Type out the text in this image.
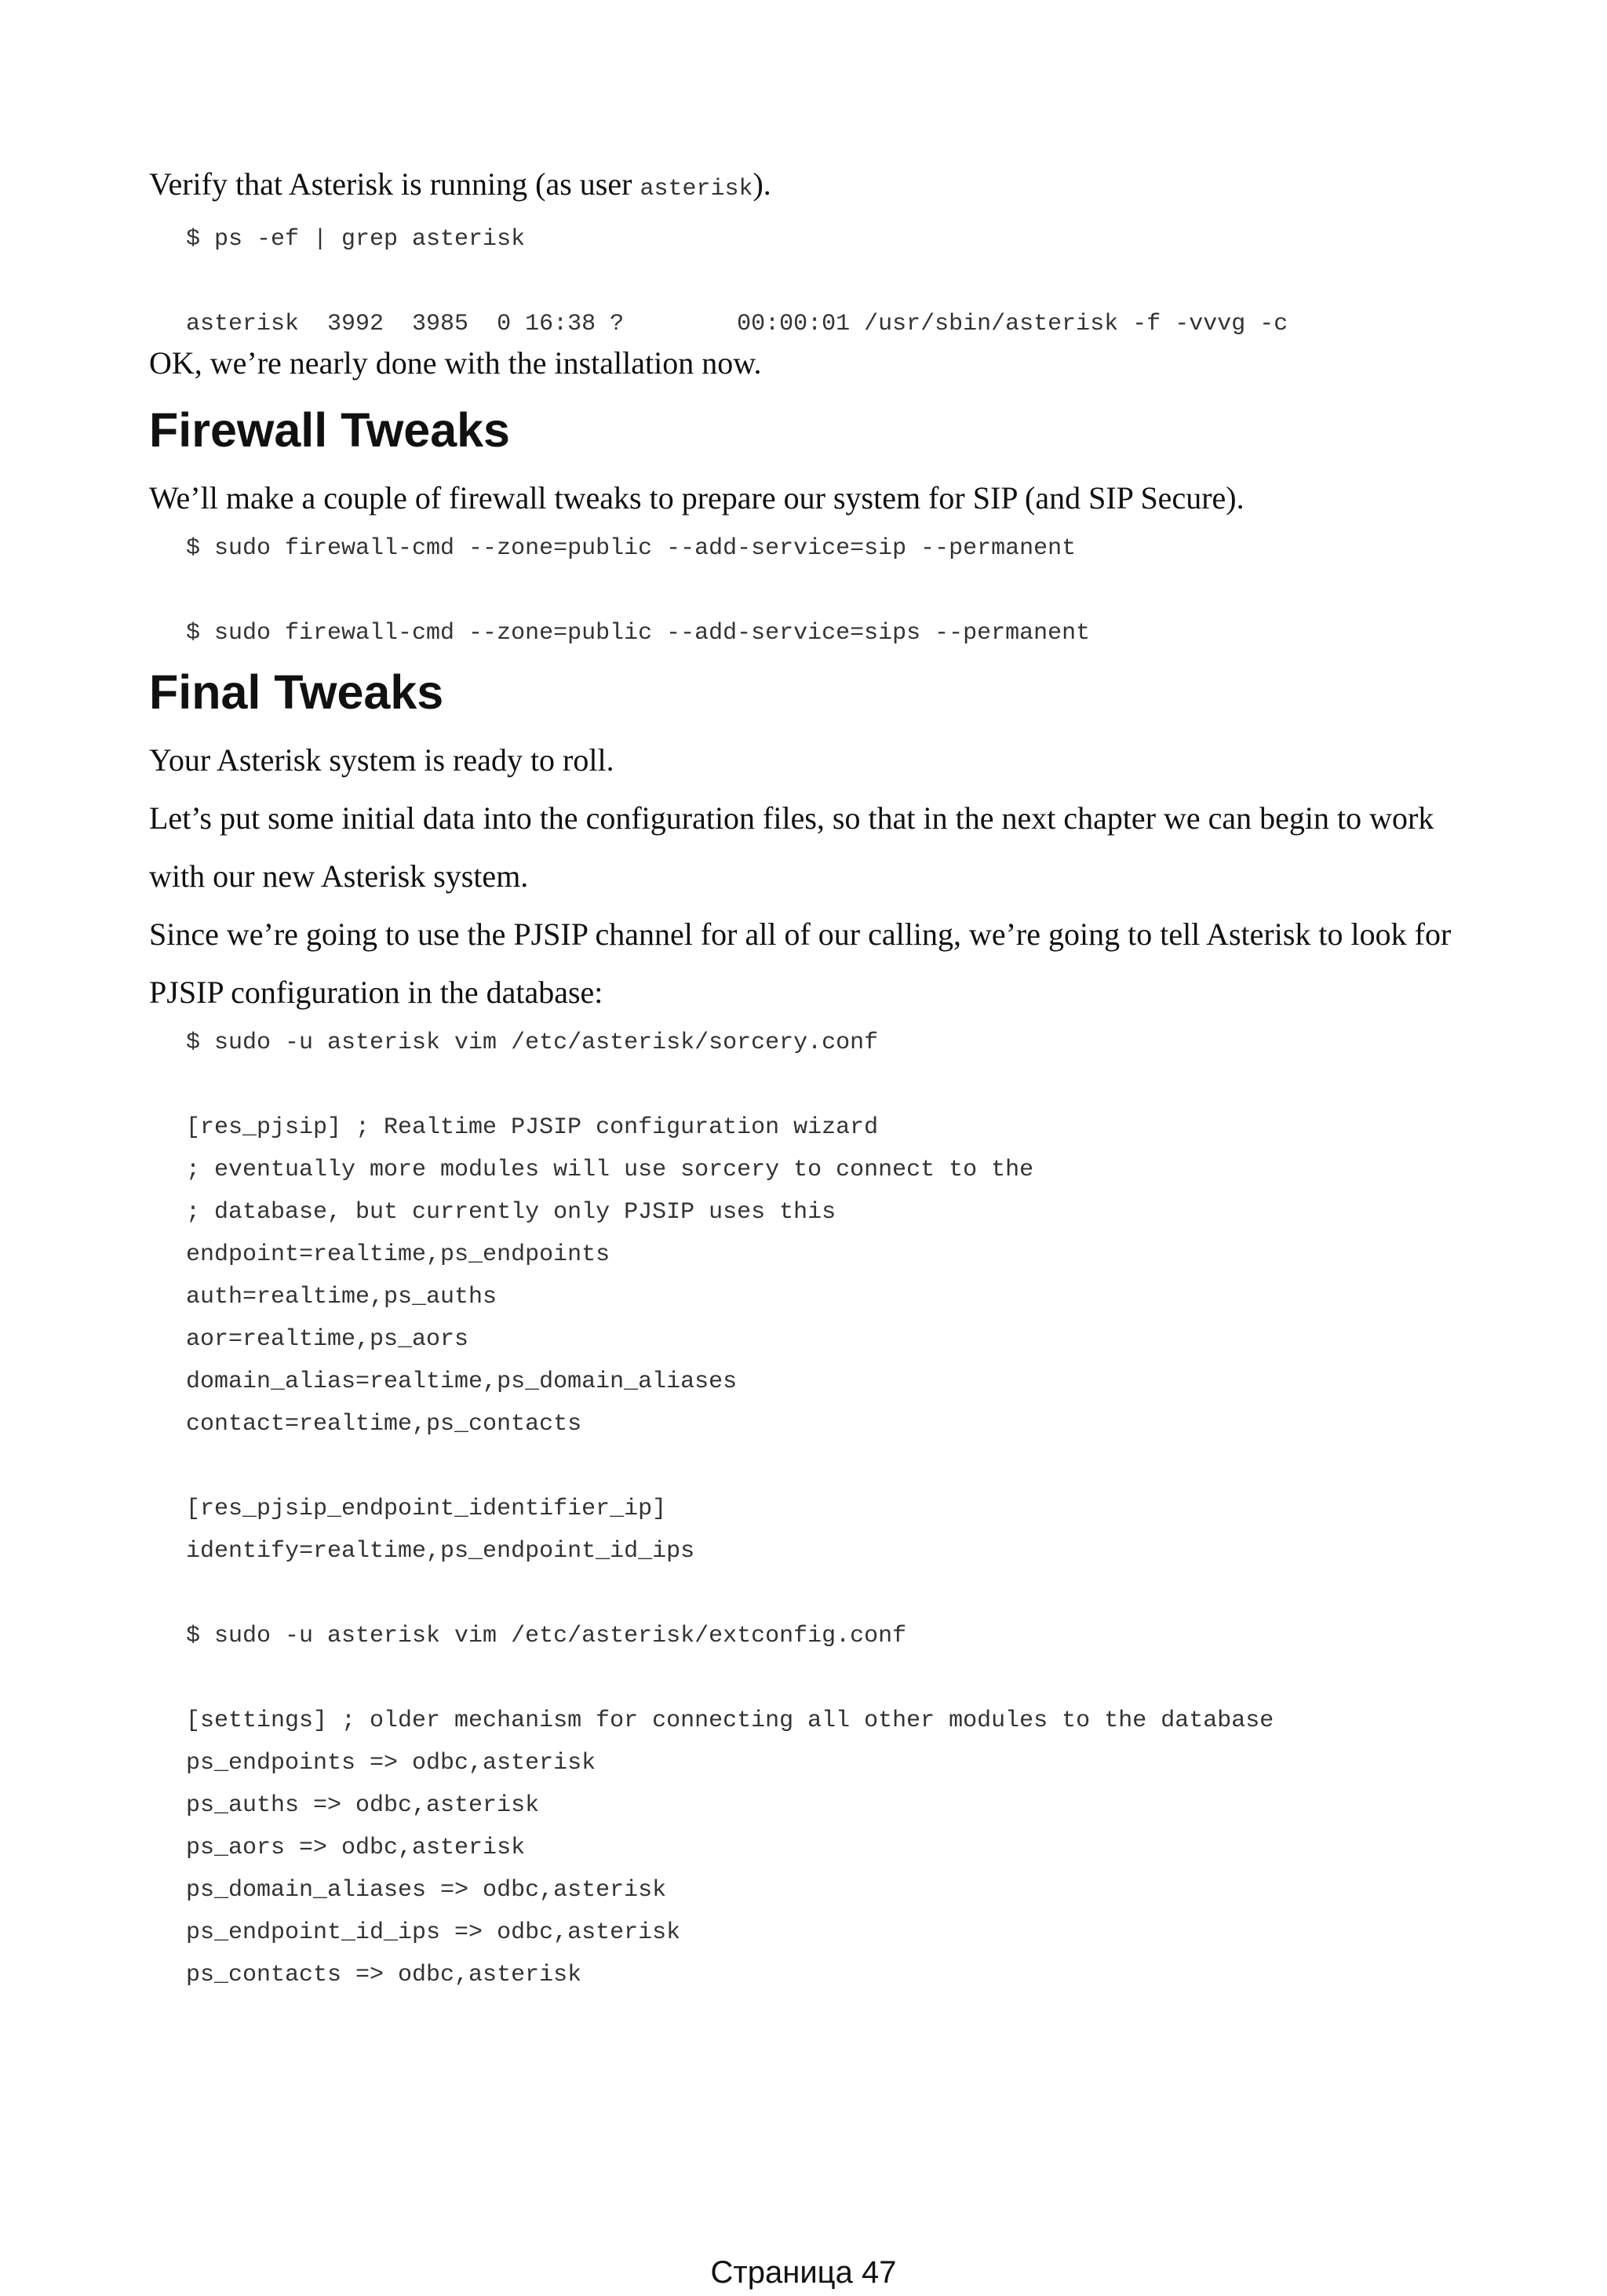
Verify that Asterisk is running (as user asterisk).

$ ps -ef | grep asterisk
asterisk  3992  3985  0 16:38 ?        00:00:01 /usr/sbin/asterisk -f -vvvg -c

OK, we’re nearly done with the installation now.

Firewall Tweaks

We’ll make a couple of firewall tweaks to prepare our system for SIP (and SIP Secure).

$ sudo firewall-cmd --zone=public --add-service=sip --permanent
$ sudo firewall-cmd --zone=public --add-service=sips --permanent
Final Tweaks

Your Asterisk system is ready to roll.

Let’s put some initial data into the configuration files, so that in the next chapter we can begin to work with our new Asterisk system.

Since we’re going to use the PJSIP channel for all of our calling, we’re going to tell Asterisk to look for PJSIP configuration in the database:

$ sudo -u asterisk vim /etc/asterisk/sorcery.conf
[res_pjsip] ; Realtime PJSIP configuration wizard
; eventually more modules will use sorcery to connect to the
; database, but currently only PJSIP uses this
endpoint=realtime,ps_endpoints
auth=realtime,ps_auths
aor=realtime,ps_aors
domain_alias=realtime,ps_domain_aliases
contact=realtime,ps_contacts
[res_pjsip_endpoint_identifier_ip]
identify=realtime,ps_endpoint_id_ips
$ sudo -u asterisk vim /etc/asterisk/extconfig.conf
[settings] ; older mechanism for connecting all other modules to the database
ps_endpoints => odbc,asterisk
ps_auths => odbc,asterisk
ps_aors => odbc,asterisk
ps_domain_aliases => odbc,asterisk
ps_endpoint_id_ips => odbc,asterisk
ps_contacts => odbc,asterisk
Страница 47
